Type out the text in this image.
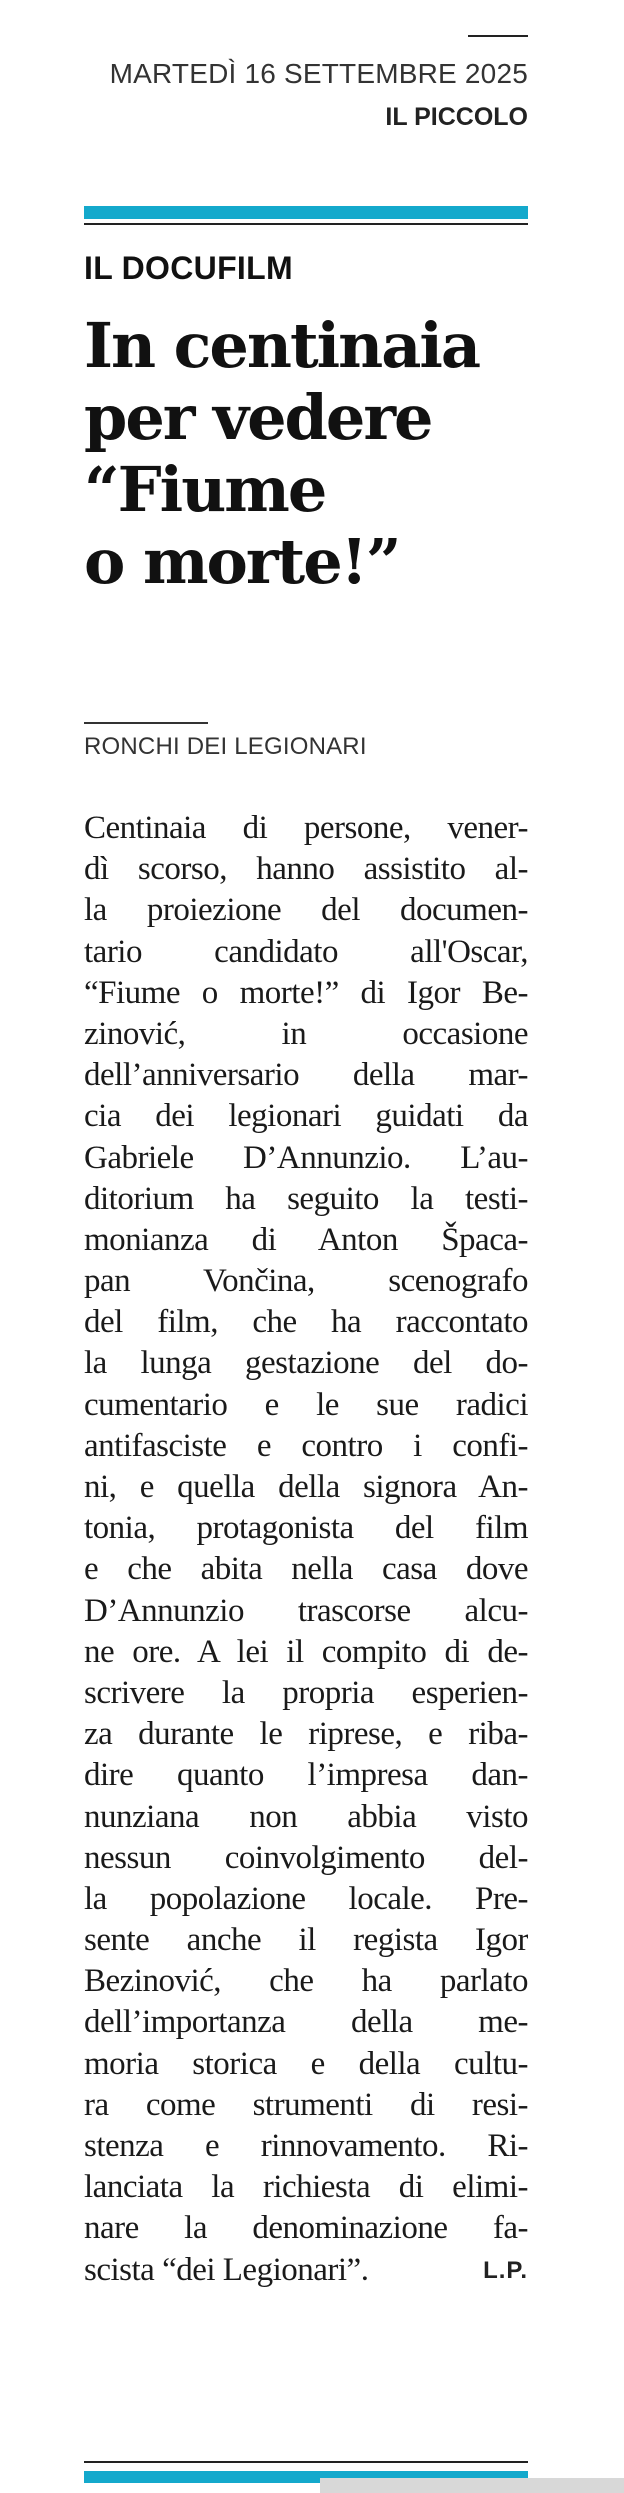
MARTEDÌ 16 SETTEMBRE 2025
IL PICCOLO
IL DOCUFILM
In centinaia
per vedere
“Fiume
o morte!”
RONCHI DEI LEGIONARI
Centinaia di persone, vener-
dì scorso, hanno assistito al-
la proiezione del documen-
tario candidato all'Oscar,
“Fiume o morte!” di Igor Be-
zinović, in occasione
dell’anniversario della mar-
cia dei legionari guidati da
Gabriele D’Annunzio. L’au-
ditorium ha seguito la testi-
monianza di Anton Špaca-
pan Vončina, scenografo
del film, che ha raccontato
la lunga gestazione del do-
cumentario e le sue radici
antifasciste e contro i confi-
ni, e quella della signora An-
tonia, protagonista del film
e che abita nella casa dove
D’Annunzio trascorse alcu-
ne ore. A lei il compito di de-
scrivere la propria esperien-
za durante le riprese, e riba-
dire quanto l’impresa dan-
nunziana non abbia visto
nessun coinvolgimento del-
la popolazione locale. Pre-
sente anche il regista Igor
Bezinović, che ha parlato
dell’importanza della me-
moria storica e della cultu-
ra come strumenti di resi-
stenza e rinnovamento. Ri-
lanciata la richiesta di elimi-
nare la denominazione fa-
scista “dei Legionari”.	L.P.
